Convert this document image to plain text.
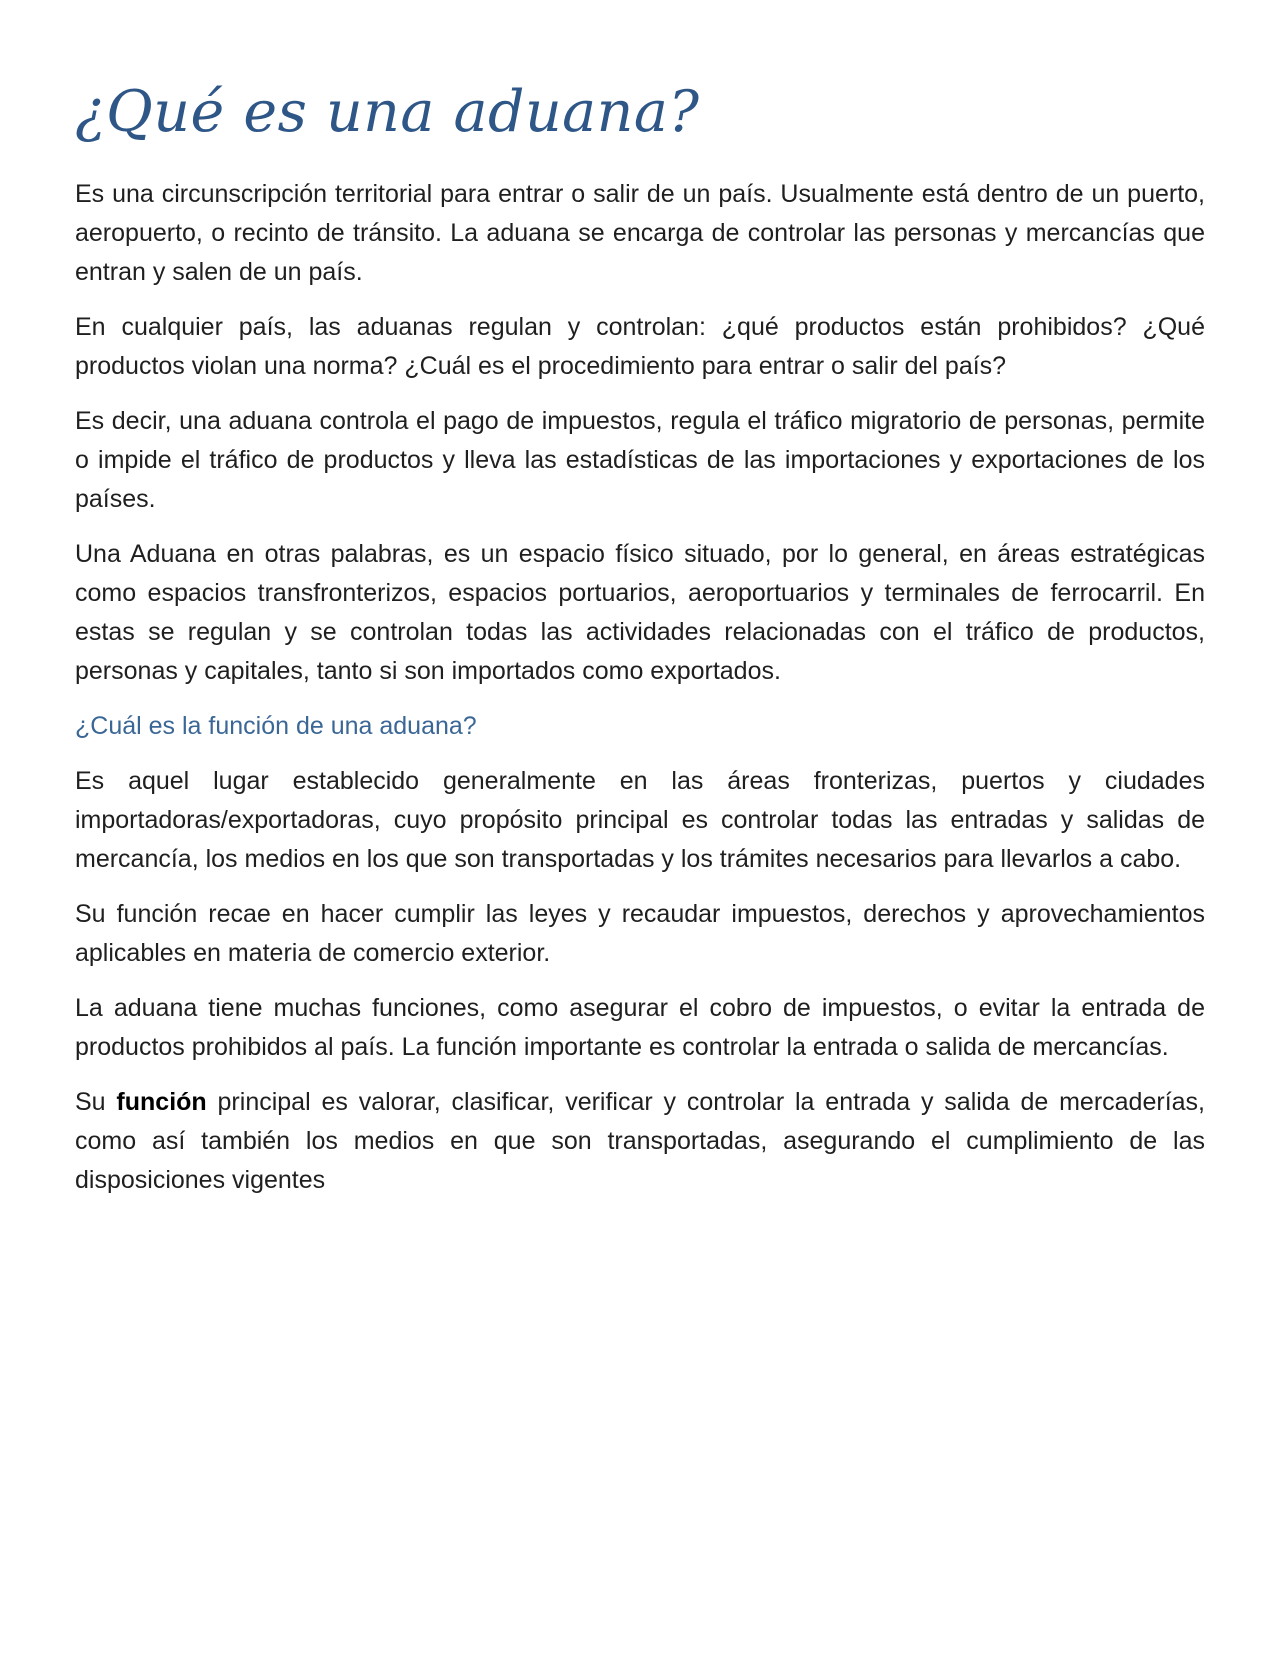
¿Qué es una aduana?

Es una circunscripción territorial para entrar o salir de un país. Usualmente está dentro de un puerto, aeropuerto, o recinto de tránsito. La aduana se encarga de controlar las personas y mercancías que entran y salen de un país.

En cualquier país, las aduanas regulan y controlan: ¿qué productos están prohibidos? ¿Qué productos violan una norma? ¿Cuál es el procedimiento para entrar o salir del país?

Es decir, una aduana controla el pago de impuestos, regula el tráfico migratorio de personas, permite o impide el tráfico de productos y lleva las estadísticas de las importaciones y exportaciones de los países.

Una Aduana en otras palabras, es un espacio físico situado, por lo general, en áreas estratégicas como espacios transfronterizos, espacios portuarios, aeroportuarios y terminales de ferrocarril. En estas se regulan y se controlan todas las actividades relacionadas con el tráfico de productos, personas y capitales, tanto si son importados como exportados.

¿Cuál es la función de una aduana?

Es aquel lugar establecido generalmente en las áreas fronterizas, puertos y ciudades importadoras/exportadoras, cuyo propósito principal es controlar todas las entradas y salidas de mercancía, los medios en los que son transportadas y los trámites necesarios para llevarlos a cabo.

Su función recae en hacer cumplir las leyes y recaudar impuestos, derechos y aprovechamientos aplicables en materia de comercio exterior.

La aduana tiene muchas funciones, como asegurar el cobro de impuestos, o evitar la entrada de productos prohibidos al país. La función importante es controlar la entrada o salida de mercancías.

Su función principal es valorar, clasificar, verificar y controlar la entrada y salida de mercaderías, como así también los medios en que son transportadas, asegurando el cumplimiento de las disposiciones vigentes
